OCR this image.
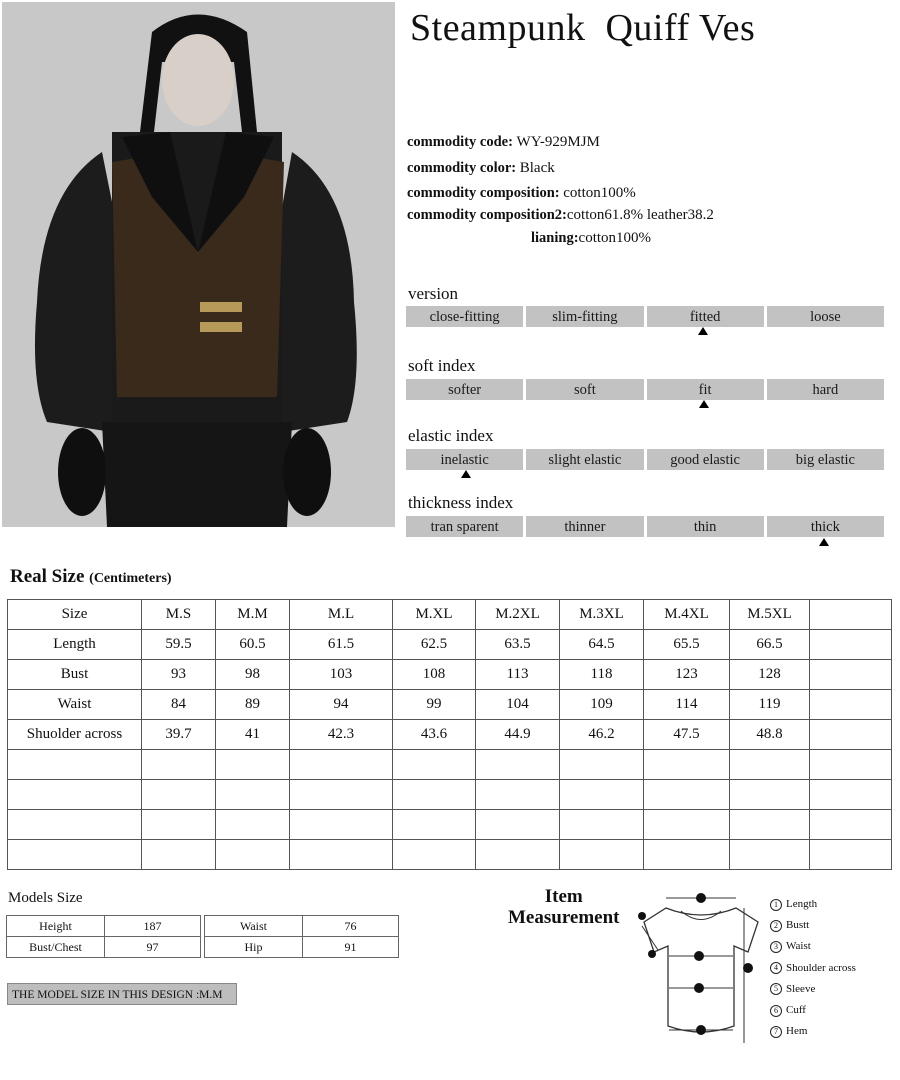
Steampunk  Quiff Ves
commodity code: WY-929MJM
commodity color: Black
commodity composition: cotton100%
commodity composition2:cotton61.8% leather38.2
lianing:cotton100%
version
close-fitting	slim-fitting	fitted	loose
soft index
softer	soft	fit	hard
elastic index
inelastic	slight elastic	good elastic	big elastic
thickness index
tran sparent	thinner	thin	thick
Real Size (Centimeters)
Size	M.S	M.M	M.L	M.XL	M.2XL	M.3XL	M.4XL	M.5XL	
Length	59.5	60.5	61.5	62.5	63.5	64.5	65.5	66.5	
Bust	93	98	103	108	113	118	123	128	
Waist	84	89	94	99	104	109	114	119	
Shuolder across	39.7	41	42.3	43.6	44.9	46.2	47.5	48.8	

Models Size
Height	187
Bust/Chest	97
Waist	76
Hip	91
THE MODEL SIZE IN THIS DESIGN :M.M
Item
Measurement
1 Length
2 Bustt
3 Waist
4 Shoulder across
5 Sleeve
6 Cuff
7 Hem
